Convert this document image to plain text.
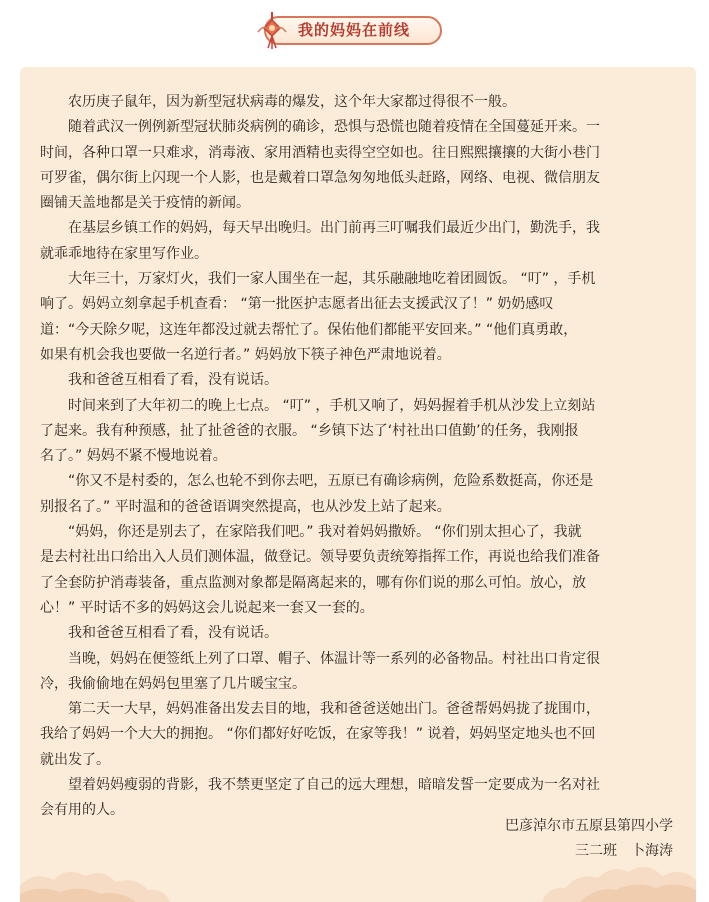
我的妈妈在前线
农历庚子鼠年，因为新型冠状病毒的爆发，这个年大家都过得很不一般。
随着武汉一例例新型冠状肺炎病例的确诊，恐惧与恐慌也随着疫情在全国蔓延开来。一
时间，各种口罩一只难求，消毒液、家用酒精也卖得空空如也。往日熙熙攘攘的大街小巷门
可罗雀，偶尔街上闪现一个人影，也是戴着口罩急匆匆地低头赶路，网络、电视、微信朋友
圈铺天盖地都是关于疫情的新闻。
在基层乡镇工作的妈妈，每天早出晚归。出门前再三叮嘱我们最近少出门，勤洗手，我
就乖乖地待在家里写作业。
大年三十，万家灯火，我们一家人围坐在一起，其乐融融地吃着团圆饭。 “叮” ，手机
响了。妈妈立刻拿起手机查看： “第一批医护志愿者出征去支援武汉了！” 奶奶感叹
道：“今天除夕呢，这连年都没过就去帮忙了。保佑他们都能平安回来。” “他们真勇敢，
如果有机会我也要做一名逆行者。” 妈妈放下筷子神色严肃地说着。
我和爸爸互相看了看，没有说话。
时间来到了大年初二的晚上七点。 “叮” ，手机又响了，妈妈握着手机从沙发上立刻站
了起来。我有种预感，扯了扯爸爸的衣服。 “乡镇下达了‘村社出口值勤’的任务，我刚报
名了。” 妈妈不紧不慢地说着。
“你又不是村委的，怎么也轮不到你去吧，五原已有确诊病例，危险系数挺高，你还是
别报名了。” 平时温和的爸爸语调突然提高，也从沙发上站了起来。
“妈妈，你还是别去了，在家陪我们吧。” 我对着妈妈撒娇。 “你们别太担心了，我就
是去村社出口给出入人员们测体温，做登记。领导要负责统筹指挥工作，再说也给我们准备
了全套防护消毒装备，重点监测对象都是隔离起来的，哪有你们说的那么可怕。放心，放
心！” 平时话不多的妈妈这会儿说起来一套又一套的。
我和爸爸互相看了看，没有说话。
当晚，妈妈在便签纸上列了口罩、帽子、体温计等一系列的必备物品。村社出口肯定很
冷，我偷偷地在妈妈包里塞了几片暖宝宝。
第二天一大早，妈妈准备出发去目的地，我和爸爸送她出门。爸爸帮妈妈拢了拢围巾，
我给了妈妈一个大大的拥抱。 “你们都好好吃饭，在家等我！” 说着，妈妈坚定地头也不回
就出发了。
望着妈妈瘦弱的背影，我不禁更坚定了自己的远大理想，暗暗发誓一定要成为一名对社
会有用的人。
巴彦淖尔市五原县第四小学
三二班　卜海涛
